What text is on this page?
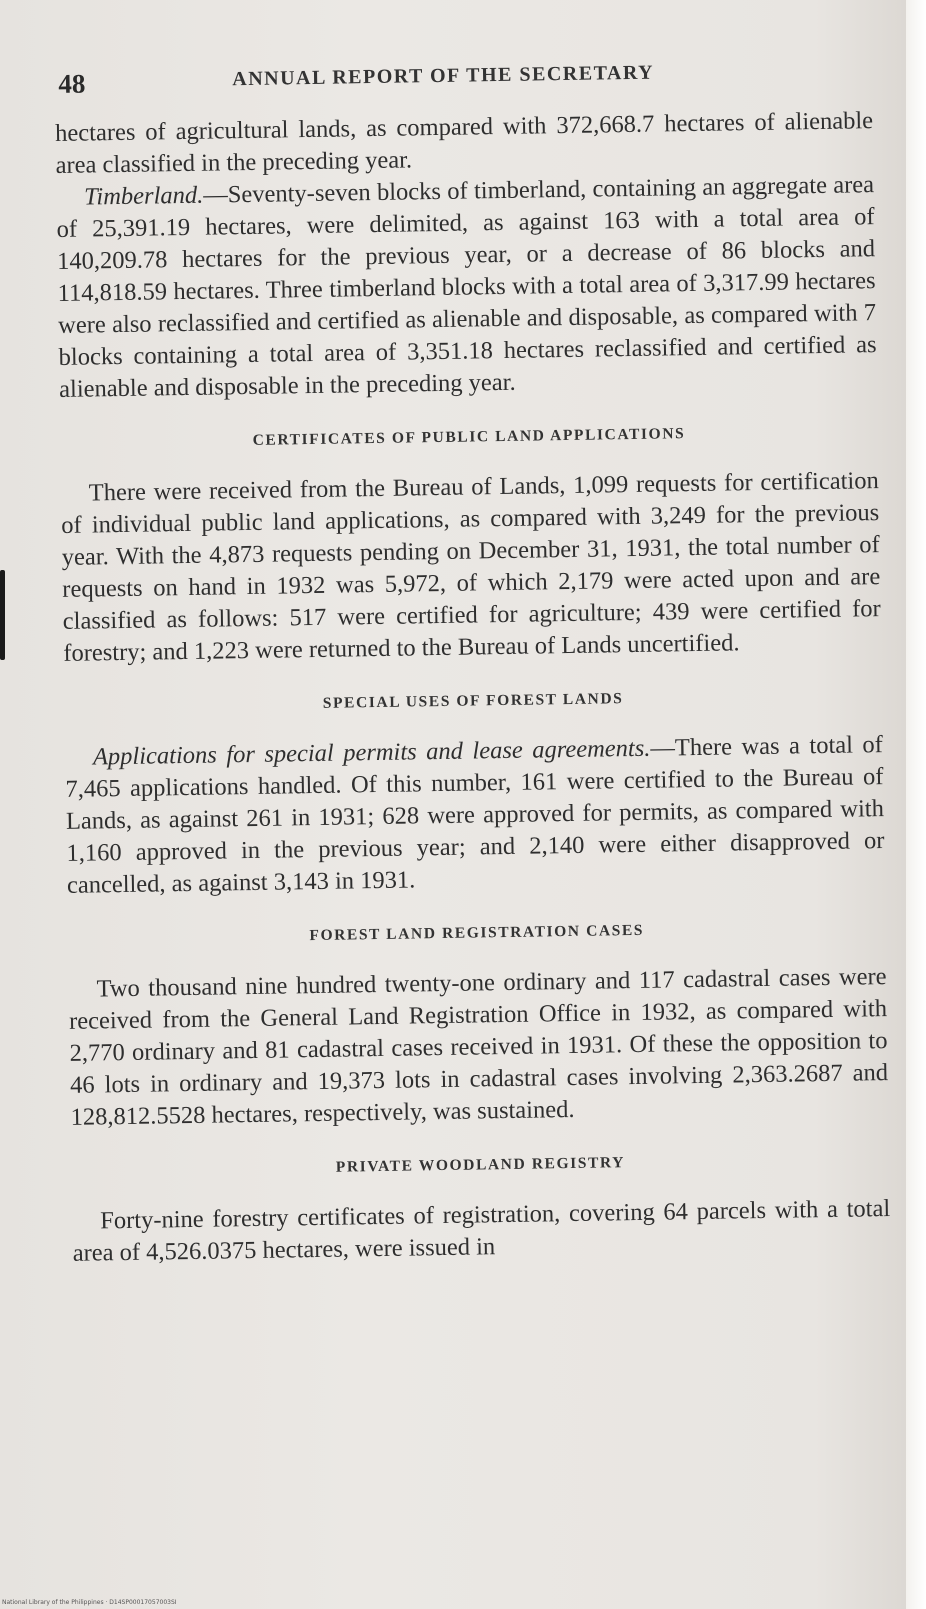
48	ANNUAL REPORT OF THE SECRETARY

hectares of agricultural lands, as compared with 372,668.7 hectares of alienable area classified in the preceding year.

Timberland.—Seventy-seven blocks of timberland, containing an aggregate area of 25,391.19 hectares, were delimited, as against 163 with a total area of 140,209.78 hectares for the previous year, or a decrease of 86 blocks and 114,818.59 hectares. Three timberland blocks with a total area of 3,317.99 hectares were also reclassified and certified as alienable and disposable, as compared with 7 blocks containing a total area of 3,351.18 hectares reclassified and certified as alienable and disposable in the preceding year.

CERTIFICATES OF PUBLIC LAND APPLICATIONS

There were received from the Bureau of Lands, 1,099 requests for certification of individual public land applications, as compared with 3,249 for the previous year. With the 4,873 requests pending on December 31, 1931, the total number of requests on hand in 1932 was 5,972, of which 2,179 were acted upon and are classified as follows: 517 were certified for agriculture; 439 were certified for forestry; and 1,223 were returned to the Bureau of Lands uncertified.

SPECIAL USES OF FOREST LANDS

Applications for special permits and lease agreements.—There was a total of 7,465 applications handled. Of this number, 161 were certified to the Bureau of Lands, as against 261 in 1931; 628 were approved for permits, as compared with 1,160 approved in the previous year; and 2,140 were either disapproved or cancelled, as against 3,143 in 1931.

FOREST LAND REGISTRATION CASES

Two thousand nine hundred twenty-one ordinary and 117 cadastral cases were received from the General Land Registration Office in 1932, as compared with 2,770 ordinary and 81 cadastral cases received in 1931. Of these the opposition to 46 lots in ordinary and 19,373 lots in cadastral cases involving 2,363.2687 and 128,812.5528 hectares, respectively, was sustained.

PRIVATE WOODLAND REGISTRY

Forty-nine forestry certificates of registration, covering 64 parcels with a total area of 4,526.0375 hectares, were issued in

National Library of the Philippines · D14SP00017057003SI
